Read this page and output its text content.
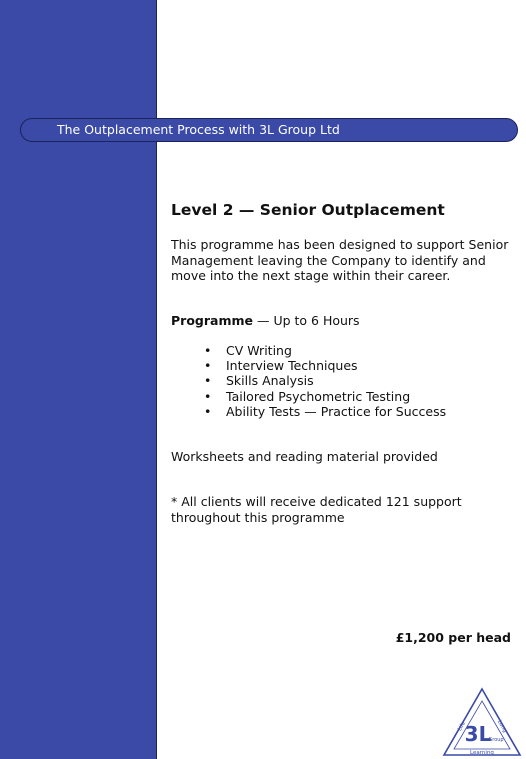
The Outplacement Process with 3L Group Ltd
Level 2 — Senior Outplacement

This programme has been designed to support Senior Management leaving the Company to identify and move into the next stage within their career.

Programme — Up to 6 Hours

• CV Writing
• Interview Techniques
• Skills Analysis
• Tailored Psychometric Testing
• Ability Tests — Practice for Success

Worksheets and reading material provided

* All clients will receive dedicated 121 support throughout this programme

£1,200 per head

3L
Life	Long
Group
Learning
